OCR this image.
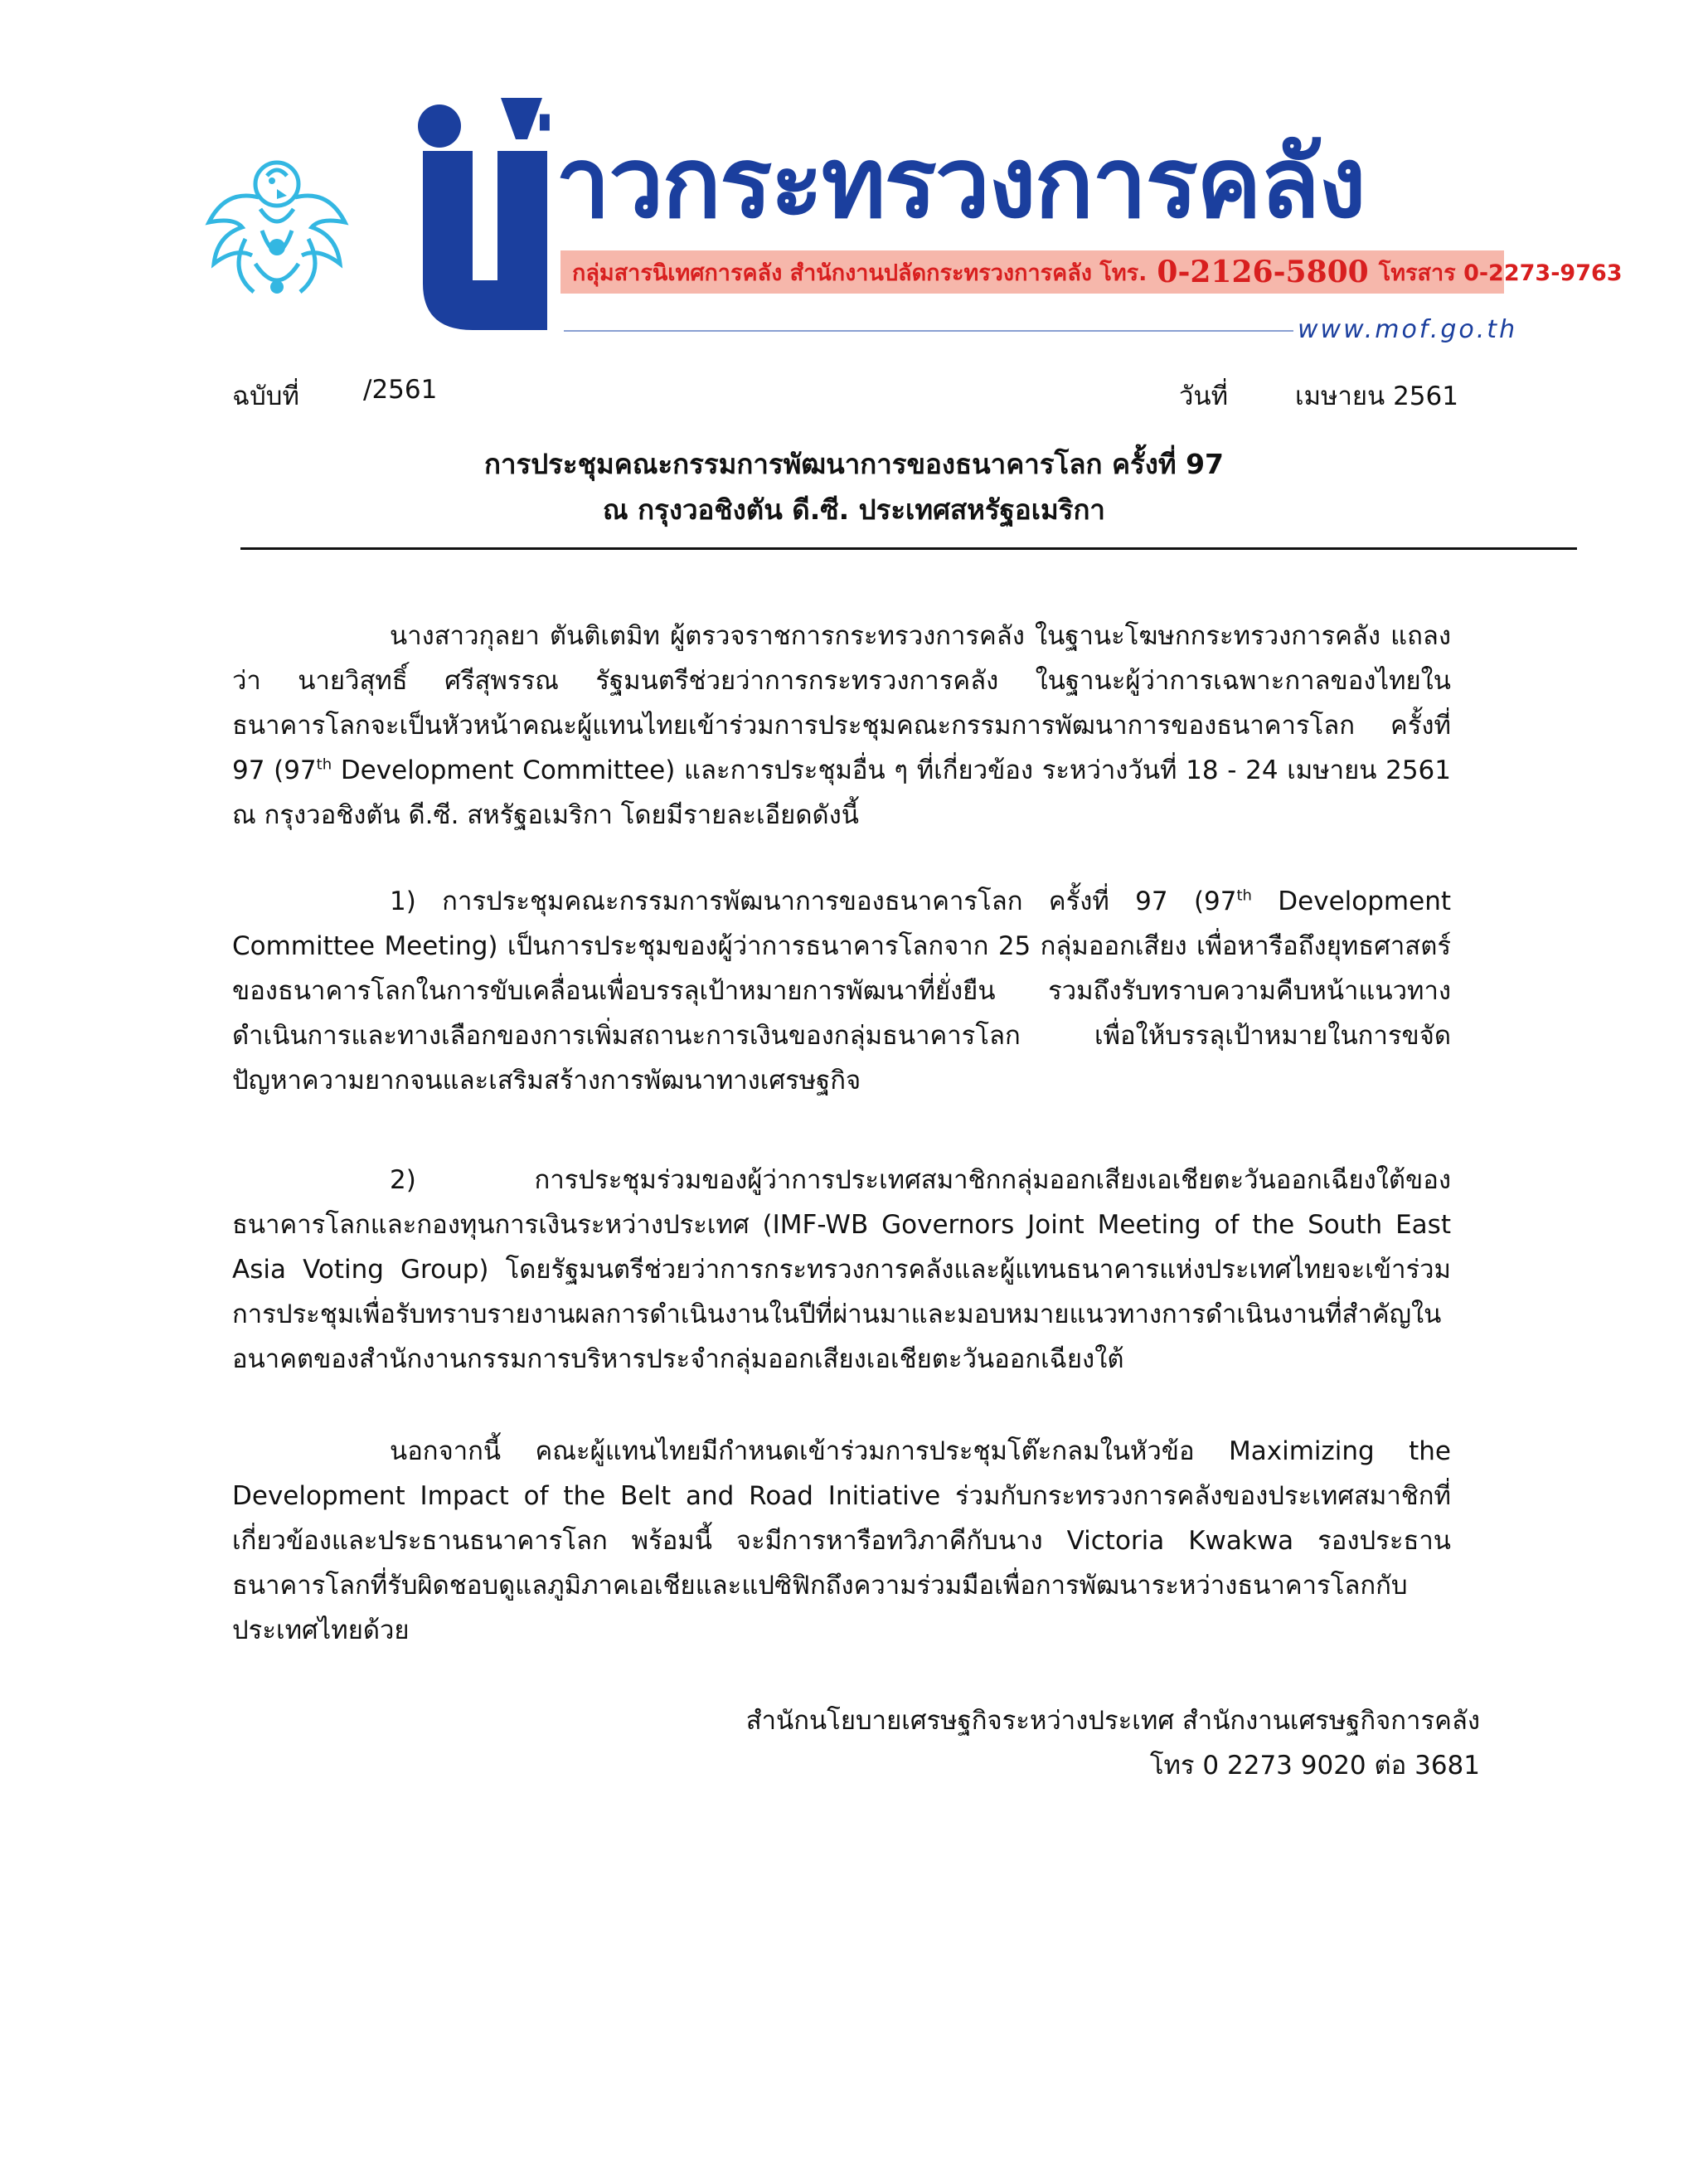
่าวกระทรวงการคลัง
กลุ่มสารนิเทศการคลัง สำนักงานปลัดกระทรวงการคลัง โทร. 0-2126-5800 โทรสาร 0-2273-9763
www.mof.go.th
ฉบับที่ /2561	วันที่	เมษายน 2561
การประชุมคณะกรรมการพัฒนาการของธนาคารโลก ครั้งที่ 97
ณ กรุงวอชิงตัน ดี.ซี. ประเทศสหรัฐอเมริกา

นางสาวกุลยา ตันติเตมิท ผู้ตรวจราชการกระทรวงการคลัง ในฐานะโฆษกกระทรวงการคลัง แถลงว่า นายวิสุทธิ์ ศรีสุพรรณ รัฐมนตรีช่วยว่าการกระทรวงการคลัง ในฐานะผู้ว่าการเฉพาะกาลของไทยในธนาคารโลกจะเป็นหัวหน้าคณะผู้แทนไทยเข้าร่วมการประชุมคณะกรรมการพัฒนาการของธนาคารโลก ครั้งที่ 97 (97th Development Committee) และการประชุมอื่น ๆ ที่เกี่ยวข้อง ระหว่างวันที่ 18 - 24 เมษายน 2561 ณ กรุงวอชิงตัน ดี.ซี. สหรัฐอเมริกา โดยมีรายละเอียดดังนี้

1) การประชุมคณะกรรมการพัฒนาการของธนาคารโลก ครั้งที่ 97 (97th Development Committee Meeting) เป็นการประชุมของผู้ว่าการธนาคารโลกจาก 25 กลุ่มออกเสียง เพื่อหารือถึงยุทธศาสตร์ของธนาคารโลกในการขับเคลื่อนเพื่อบรรลุเป้าหมายการพัฒนาที่ยั่งยืน รวมถึงรับทราบความคืบหน้าแนวทางดำเนินการและทางเลือกของการเพิ่มสถานะการเงินของกลุ่มธนาคารโลก เพื่อให้บรรลุเป้าหมายในการขจัดปัญหาความยากจนและเสริมสร้างการพัฒนาทางเศรษฐกิจ

2) การประชุมร่วมของผู้ว่าการประเทศสมาชิกกลุ่มออกเสียงเอเชียตะวันออกเฉียงใต้ของธนาคารโลกและกองทุนการเงินระหว่างประเทศ (IMF-WB Governors Joint Meeting of the South East Asia Voting Group) โดยรัฐมนตรีช่วยว่าการกระทรวงการคลังและผู้แทนธนาคารแห่งประเทศไทยจะเข้าร่วมการประชุมเพื่อรับทราบรายงานผลการดำเนินงานในปีที่ผ่านมาและมอบหมายแนวทางการดำเนินงานที่สำคัญในอนาคตของสำนักงานกรรมการบริหารประจำกลุ่มออกเสียงเอเชียตะวันออกเฉียงใต้

นอกจากนี้ คณะผู้แทนไทยมีกำหนดเข้าร่วมการประชุมโต๊ะกลมในหัวข้อ Maximizing the Development Impact of the Belt and Road Initiative ร่วมกับกระทรวงการคลังของประเทศสมาชิกที่เกี่ยวข้องและประธานธนาคารโลก พร้อมนี้ จะมีการหารือทวิภาคีกับนาง Victoria Kwakwa รองประธานธนาคารโลกที่รับผิดชอบดูแลภูมิภาคเอเชียและแปซิฟิกถึงความร่วมมือเพื่อการพัฒนาระหว่างธนาคารโลกกับประเทศไทยด้วย

สำนักนโยบายเศรษฐกิจระหว่างประเทศ สำนักงานเศรษฐกิจการคลัง
โทร 0 2273 9020 ต่อ 3681
